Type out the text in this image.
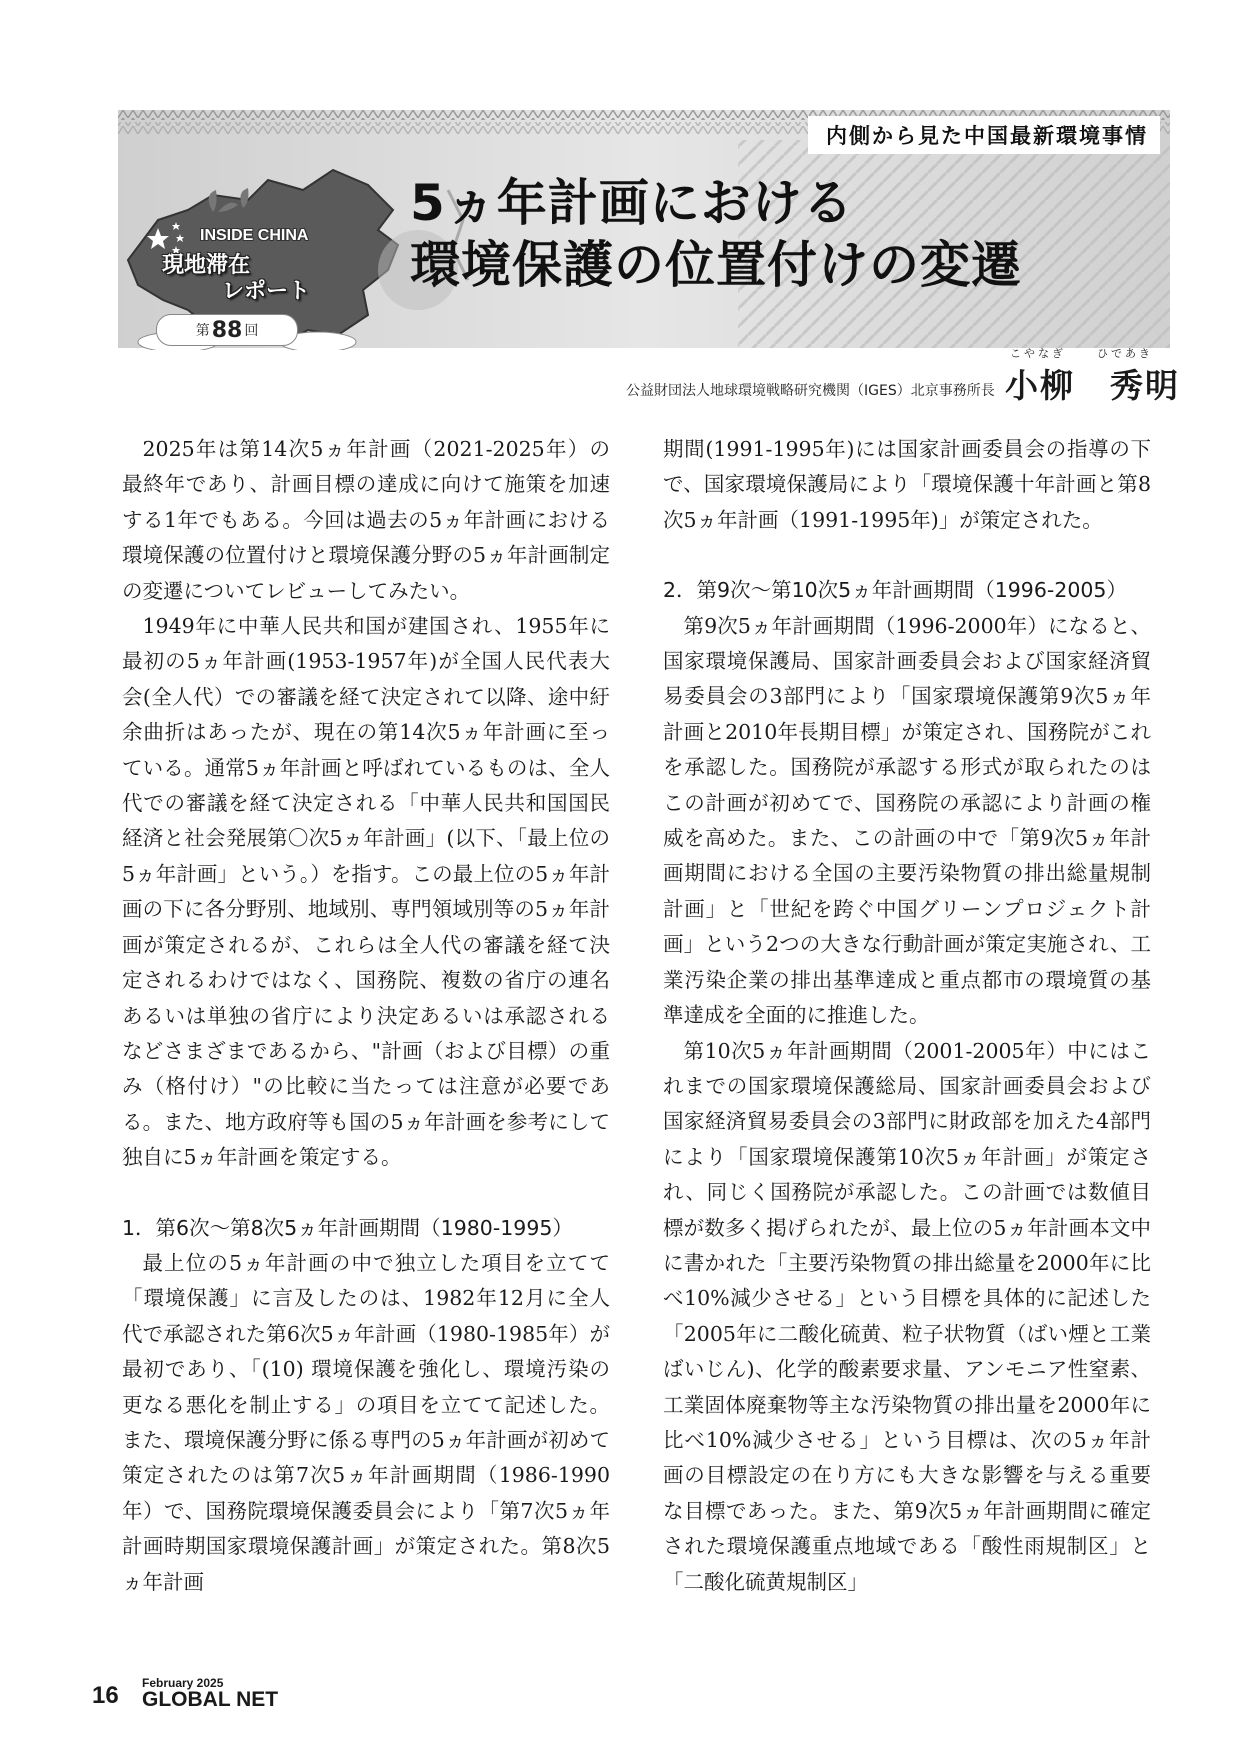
内側から見た中国最新環境事情
INSIDE CHINA
現地滞在
レポート
第 88 回
5ヵ年計画における
環境保護の位置付けの変遷
こやなぎ	ひであき
公益財団法人地球環境戦略研究機関（IGES）北京事務所長 小柳　秀明

2025年は第14次5ヵ年計画（2021-2025年）の最終年であり、計画目標の達成に向けて施策を加速する1年でもある。今回は過去の5ヵ年計画における環境保護の位置付けと環境保護分野の5ヵ年計画制定の変遷についてレビューしてみたい。

1949年に中華人民共和国が建国され、1955年に最初の5ヵ年計画(1953-1957年)が全国人民代表大会(全人代）での審議を経て決定されて以降、途中紆余曲折はあったが、現在の第14次5ヵ年計画に至っている。通常5ヵ年計画と呼ばれているものは、全人代での審議を経て決定される「中華人民共和国国民経済と社会発展第〇次5ヵ年計画」(以下、「最上位の5ヵ年計画」という。）を指す。この最上位の5ヵ年計画の下に各分野別、地域別、専門領域別等の5ヵ年計画が策定されるが、これらは全人代の審議を経て決定されるわけではなく、国務院、複数の省庁の連名あるいは単独の省庁により決定あるいは承認されるなどさまざまであるから、"計画（および目標）の重み（格付け）"の比較に当たっては注意が必要である。また、地方政府等も国の5ヵ年計画を参考にして独自に5ヵ年計画を策定する。

1．第6次～第8次5ヵ年計画期間（1980-1995）

最上位の5ヵ年計画の中で独立した項目を立てて「環境保護」に言及したのは、1982年12月に全人代で承認された第6次5ヵ年計画（1980-1985年）が最初であり、「(10) 環境保護を強化し、環境汚染の更なる悪化を制止する」の項目を立てて記述した。また、環境保護分野に係る専門の5ヵ年計画が初めて策定されたのは第7次5ヵ年計画期間（1986-1990年）で、国務院環境保護委員会により「第7次5ヵ年計画時期国家環境保護計画」が策定された。第8次5ヵ年計画

期間(1991-1995年)には国家計画委員会の指導の下で、国家環境保護局により「環境保護十年計画と第8次5ヵ年計画（1991-1995年)」が策定された。

2．第9次～第10次5ヵ年計画期間（1996-2005）

第9次5ヵ年計画期間（1996-2000年）になると、国家環境保護局、国家計画委員会および国家経済貿易委員会の3部門により「国家環境保護第9次5ヵ年計画と2010年長期目標」が策定され、国務院がこれを承認した。国務院が承認する形式が取られたのはこの計画が初めてで、国務院の承認により計画の権威を高めた。また、この計画の中で「第9次5ヵ年計画期間における全国の主要汚染物質の排出総量規制計画」と「世紀を跨ぐ中国グリーンプロジェクト計画」という2つの大きな行動計画が策定実施され、工業汚染企業の排出基準達成と重点都市の環境質の基準達成を全面的に推進した。

第10次5ヵ年計画期間（2001-2005年）中にはこれまでの国家環境保護総局、国家計画委員会および国家経済貿易委員会の3部門に財政部を加えた4部門により「国家環境保護第10次5ヵ年計画」が策定され、同じく国務院が承認した。この計画では数値目標が数多く掲げられたが、最上位の5ヵ年計画本文中に書かれた「主要汚染物質の排出総量を2000年に比べ10%減少させる」という目標を具体的に記述した「2005年に二酸化硫黄、粒子状物質（ばい煙と工業ばいじん)、化学的酸素要求量、アンモニア性窒素、工業固体廃棄物等主な汚染物質の排出量を2000年に比べ10%減少させる」という目標は、次の5ヵ年計画の目標設定の在り方にも大きな影響を与える重要な目標であった。また、第9次5ヵ年計画期間に確定された環境保護重点地域である「酸性雨規制区」と「二酸化硫黄規制区」

16 February 2025
GLOBAL NET
